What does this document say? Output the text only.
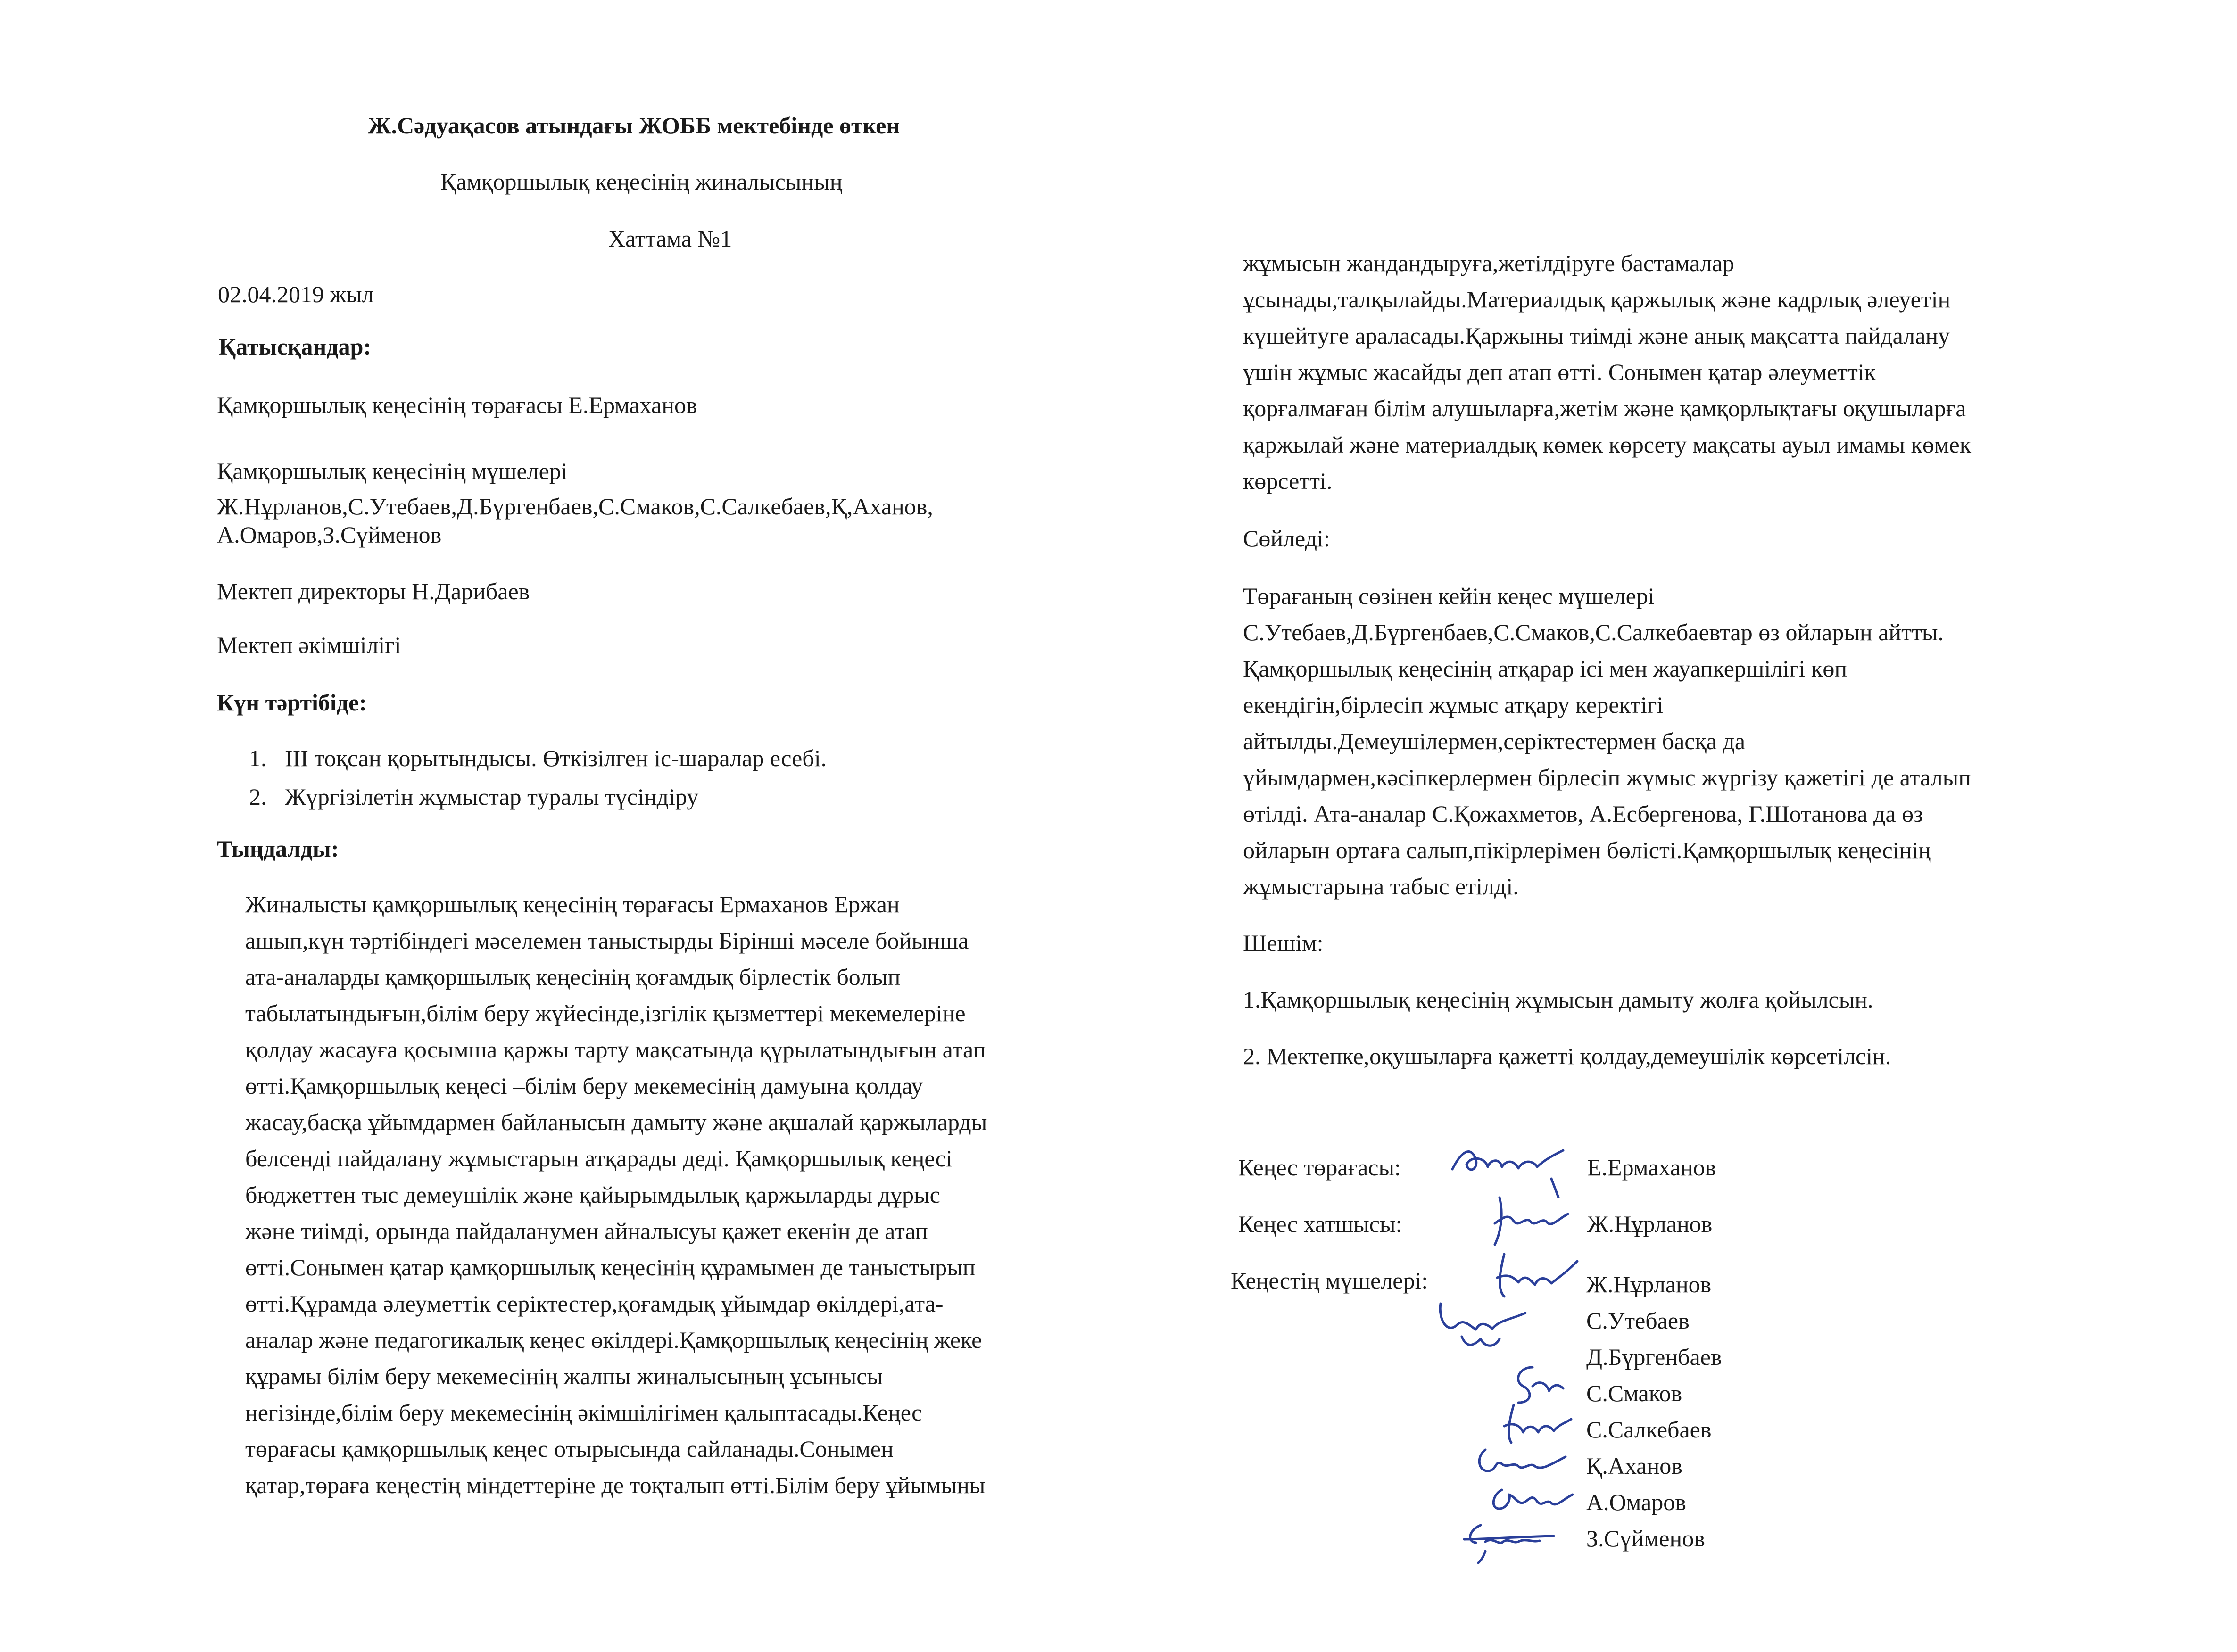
Ж.Сәдуақасов атындағы ЖОББ мектебінде өткен

Қамқоршылық кеңесінің жиналысының

Хаттама №1

02.04.2019 жыл

Қатысқандар:

Қамқоршылық кеңесінің төрағасы Е.Ермаханов

Қамқоршылық кеңесінің мүшелері

Ж.Нұрланов,С.Утебаев,Д.Бүргенбаев,С.Смаков,С.Салкебаев,Қ,Аханов,

А.Омаров,З.Сүйменов

Мектеп директоры Н.Дарибаев

Мектеп әкімшілігі

Күн тәртібіде:

1. ІІІ тоқсан қорытындысы. Өткізілген іс-шаралар есебі.

2. Жүргізілетін жұмыстар туралы түсіндіру

Тыңдалды:

Жиналысты қамқоршылық кеңесінің төрағасы Ермаханов Ержан
ашып,күн тәртібіндегі мәселемен таныстырды Бірінші мәселе бойынша
ата-аналарды қамқоршылық кеңесінің қоғамдық бірлестік болып
табылатындығын,білім беру жүйесінде,ізгілік қызметтері мекемелеріне
қолдау жасауға қосымша қаржы тарту мақсатында құрылатындығын атап
өтті.Қамқоршылық кеңесі –білім беру мекемесінің дамуына қолдау
жасау,басқа ұйымдармен байланысын дамыту және ақшалай қаржыларды
белсенді пайдалану жұмыстарын атқарады деді. Қамқоршылық кеңесі
бюджеттен тыс демеушілік және қайырымдылық қаржыларды дұрыс
және тиімді, орында пайдаланумен айналысуы қажет екенін де атап
өтті.Сонымен қатар қамқоршылық кеңесінің құрамымен де таныстырып
өтті.Құрамда әлеуметтік серіктестер,қоғамдық ұйымдар өкілдері,ата-
аналар және педагогикалық кеңес өкілдері.Қамқоршылық кеңесінің жеке
құрамы білім беру мекемесінің жалпы жиналысының ұсынысы
негізінде,білім беру мекемесінің әкімшілігімен қалыптасады.Кеңес
төрағасы қамқоршылық кеңес отырысында сайланады.Сонымен
қатар,төраға кеңестің міндеттеріне де тоқталып өтті.Білім беру ұйымыны
жұмысын жандандыруға,жетілдіруге бастамалар
ұсынады,талқылайды.Материалдық қаржылық және кадрлық әлеуетін
күшейтуге араласады.Қаржыны тиімді және анық мақсатта пайдалану
үшін жұмыс жасайды деп атап өтті. Сонымен қатар әлеуметтік
қорғалмаған білім алушыларға,жетім және қамқорлықтағы оқушыларға
қаржылай және материалдық көмек көрсету мақсаты ауыл имамы көмек
көрсетті.

Сөйледі:

Төрағаның сөзінен кейін кеңес мүшелері
С.Утебаев,Д.Бүргенбаев,С.Смаков,С.Салкебаевтар өз ойларын айтты.
Қамқоршылық кеңесінің атқарар ісі мен жауапкершілігі көп
екендігін,бірлесіп жұмыс атқару керектігі
айтылды.Демеушілермен,серіктестермен басқа да
ұйымдармен,кәсіпкерлермен бірлесіп жұмыс жүргізу қажетігі де аталып
өтілді. Ата-аналар С.Қожахметов, А.Есбергенова, Г.Шотанова да өз
ойларын ортаға салып,пікірлерімен бөлісті.Қамқоршылық кеңесінің
жұмыстарына табыс етілді.

Шешім:

1.Қамқоршылық кеңесінің жұмысын дамыту жолға қойылсын.

2. Мектепке,оқушыларға қажетті қолдау,демеушілік көрсетілсін.

Кеңес төрағасы:	Е.Ермаханов

Кеңес хатшысы:	Ж.Нұрланов

Кеңестің мүшелері:	Ж.Нұрланов
С.Утебаев
Д.Бүргенбаев
С.Смаков
С.Салкебаев
Қ.Аханов
А.Омаров
З.Сүйменов
